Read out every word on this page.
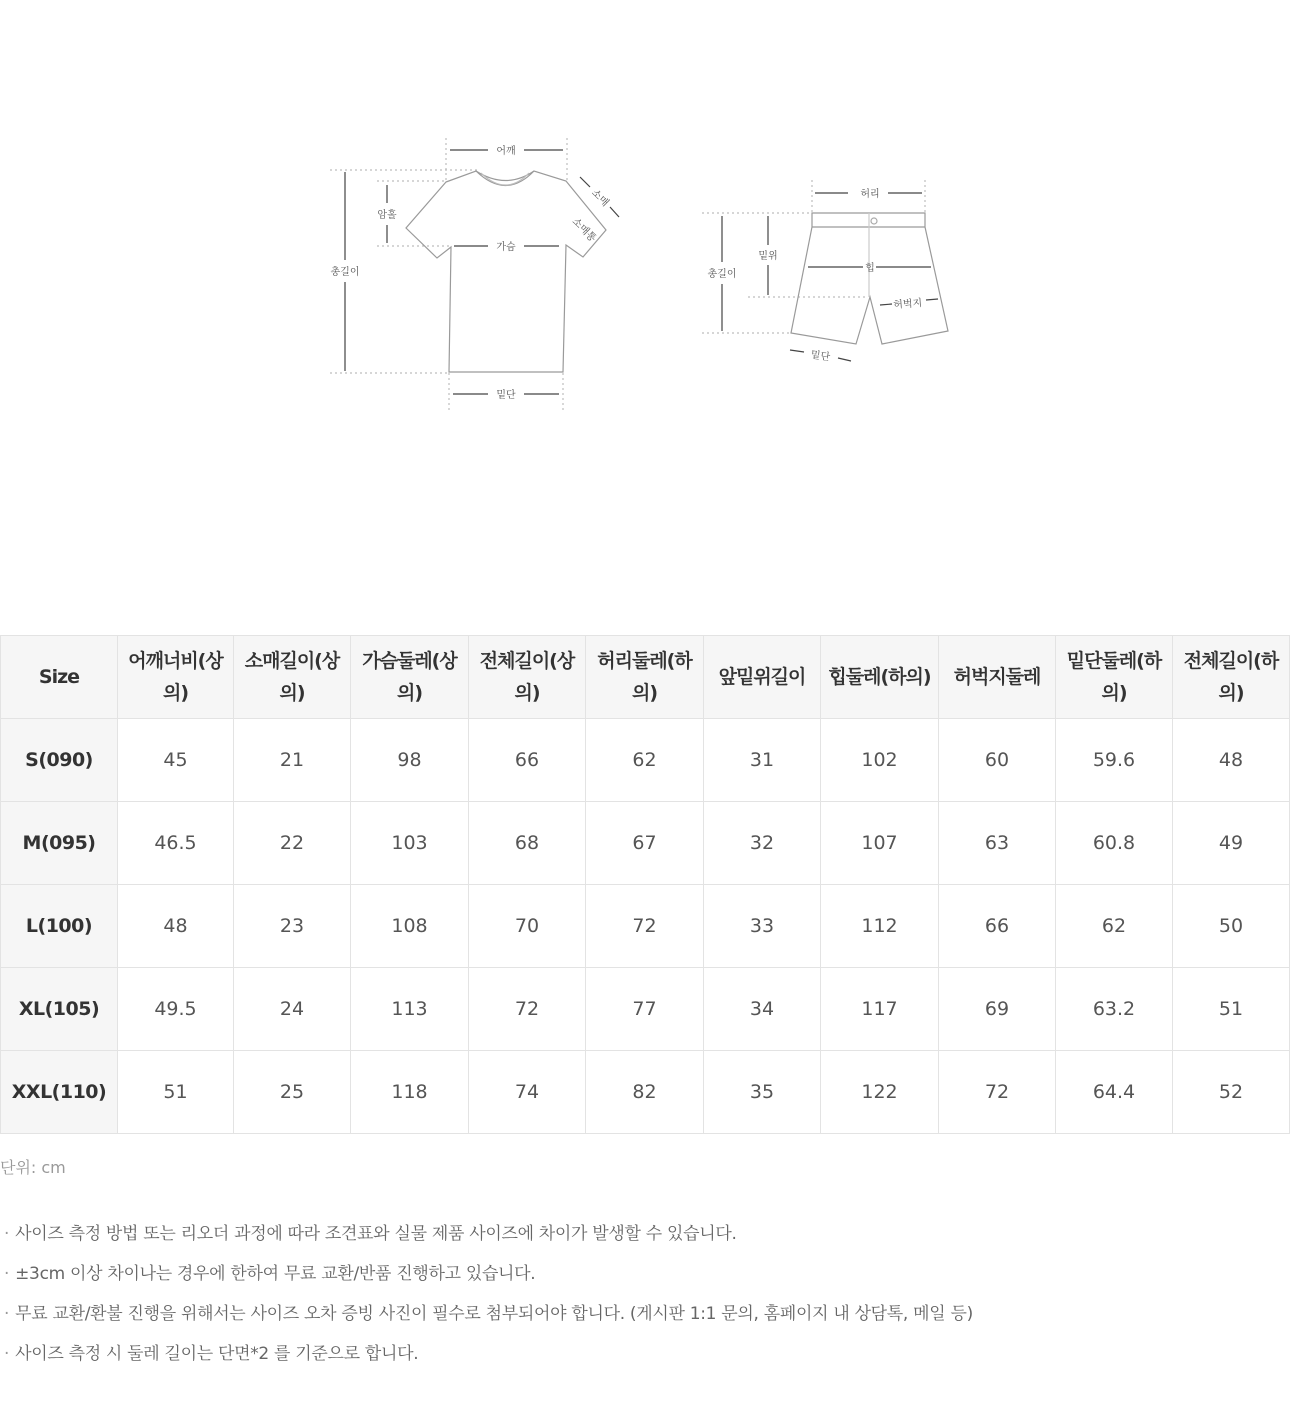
어깨
총길이
암홀
가슴
밑단
소매
소매통
허리
총길이
밑위
힙
허벅지
밑단
Size	어깨너비(상의)	소매길이(상의)	가슴둘레(상의)	전체길이(상의)	허리둘레(하의)	앞밑위길이	힙둘레(하의)	허벅지둘레	밑단둘레(하의)	전체길이(하의)
S(090)	45	21	98	66	62	31	102	60	59.6	48
M(095)	46.5	22	103	68	67	32	107	63	60.8	49
L(100)	48	23	108	70	72	33	112	66	62	50
XL(105)	49.5	24	113	72	77	34	117	69	63.2	51
XXL(110)	51	25	118	74	82	35	122	72	64.4	52
단위: cm
· 사이즈 측정 방법 또는 리오더 과정에 따라 조견표와 실물 제품 사이즈에 차이가 발생할 수 있습니다.
· ±3cm 이상 차이나는 경우에 한하여 무료 교환/반품 진행하고 있습니다.
· 무료 교환/환불 진행을 위해서는 사이즈 오차 증빙 사진이 필수로 첨부되어야 합니다. (게시판 1:1 문의, 홈페이지 내 상담톡, 메일 등)
· 사이즈 측정 시 둘레 길이는 단면*2 를 기준으로 합니다.
